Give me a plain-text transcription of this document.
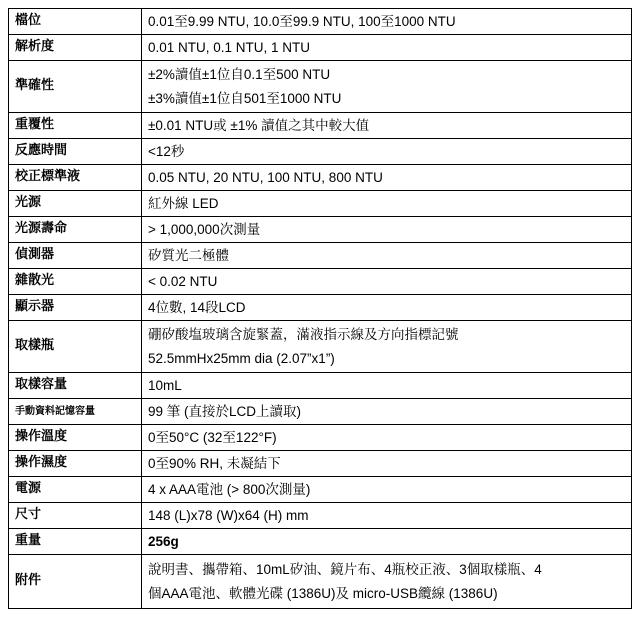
檔位	0.01至9.99 NTU, 10.0至99.9 NTU, 100至1000 NTU

解析度	0.01 NTU, 0.1 NTU, 1 NTU

準確性	±2%讀值±1位自0.1至500 NTU
±3%讀值±1位自501至1000 NTU

重覆性	±0.01 NTU或 ±1% 讀值之其中較大值

反應時間	<12秒

校正標準液	0.05 NTU, 20 NTU, 100 NTU, 800 NTU

光源	紅外線 LED

光源壽命	> 1,000,000次測量

偵測器	矽質光二極體

雜散光	< 0.02 NTU

顯示器	4位數, 14段LCD

取樣瓶	硼矽酸塩玻璃含旋緊蓋，滿液指示線及方向指標記號
52.5mmHx25mm dia (2.07”x1”)

取樣容量	10mL

手動資料記憶容量	99 筆 (直接於LCD上讀取)

操作溫度	0至50°C (32至122°F)

操作濕度	0至90% RH, 未凝結下

電源	4 x AAA電池 (> 800次測量)

尺寸	148 (L)x78 (W)x64 (H) mm

重量	256g

附件	說明書、攜帶箱、10mL矽油、鏡片布、4瓶校正液、3個取樣瓶、4
個AAA電池、軟體光碟 (1386U)及 micro-USB纜線 (1386U)
